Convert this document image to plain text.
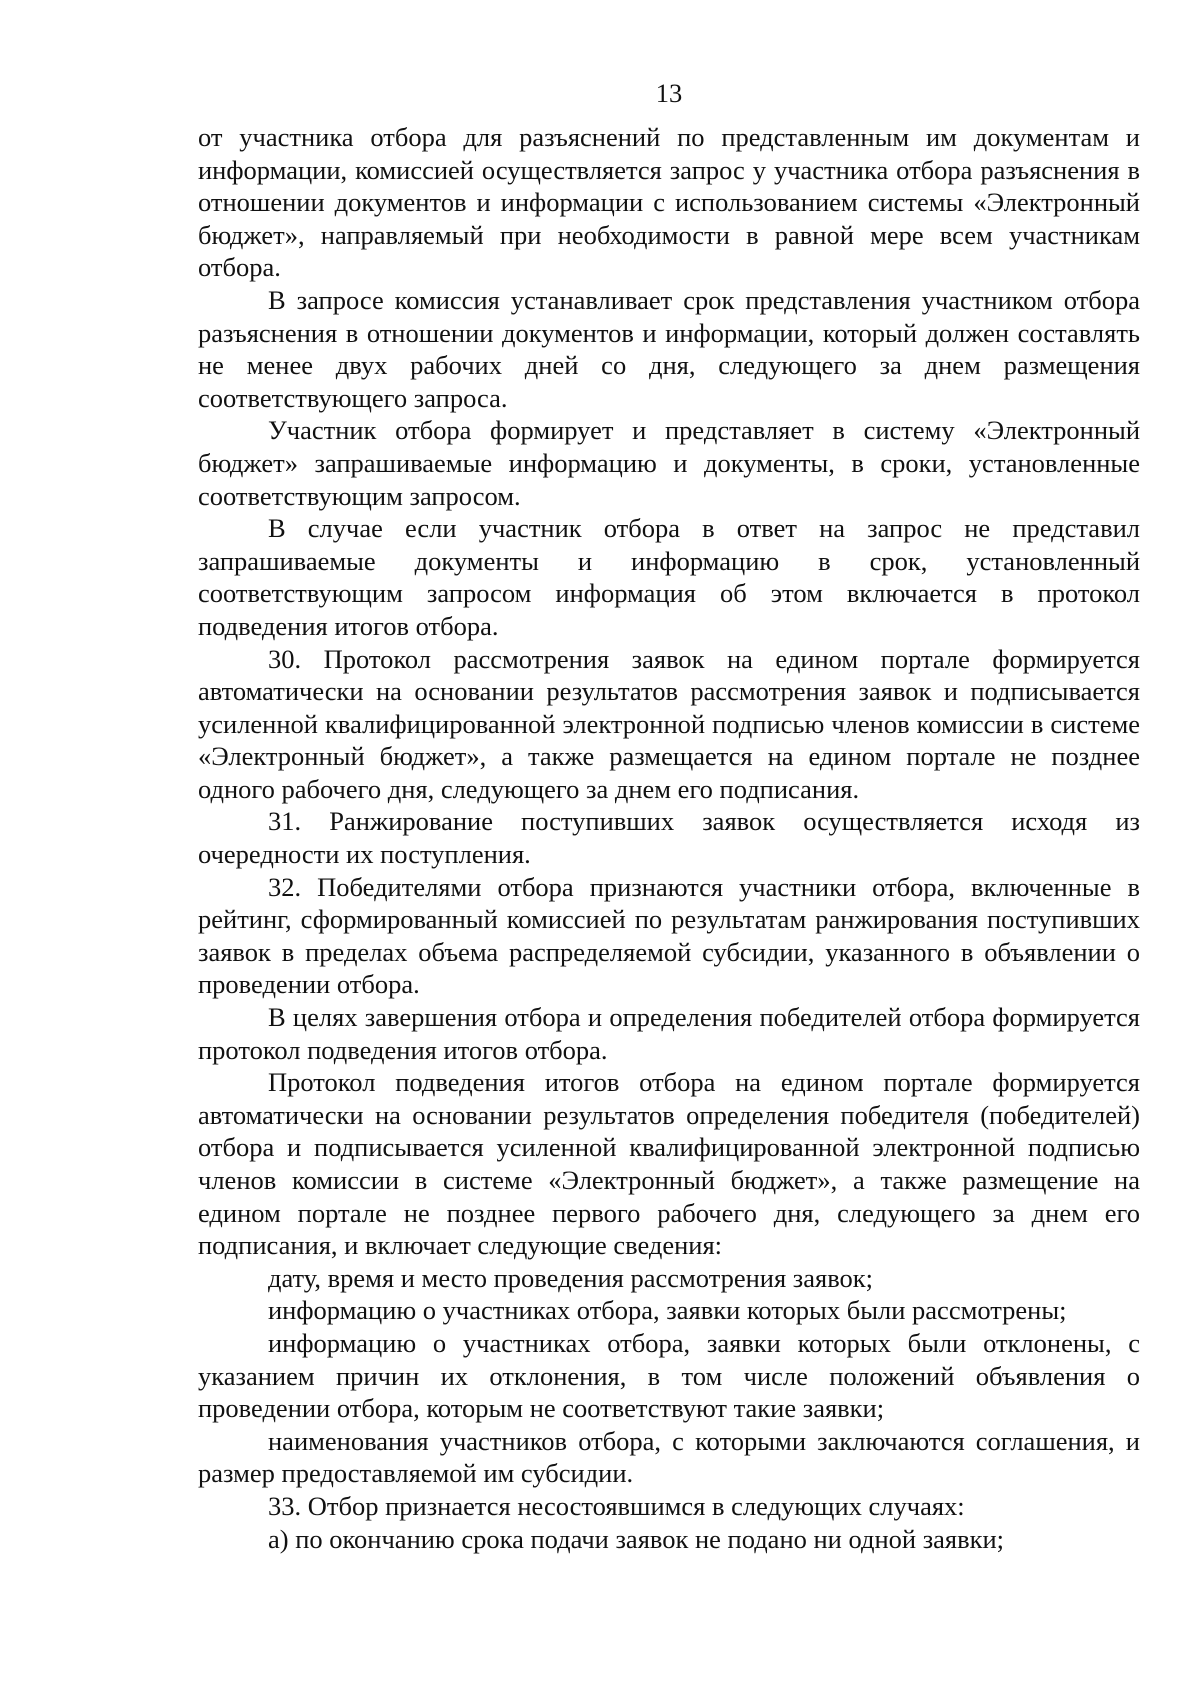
13

от участника отбора для разъяснений по представленным им документам и информации, комиссией осуществляется запрос у участника отбора разъяснения в отношении документов и информации с использованием системы «Электронный бюджет», направляемый при необходимости в равной мере всем участникам отбора.

В запросе комиссия устанавливает срок представления участником отбора разъяснения в отношении документов и информации, который должен составлять не менее двух рабочих дней со дня, следующего за днем размещения соответствующего запроса.

Участник отбора формирует и представляет в систему «Электронный бюджет» запрашиваемые информацию и документы, в сроки, установленные соответствующим запросом.

В случае если участник отбора в ответ на запрос не представил запрашиваемые документы и информацию в срок, установленный соответствующим запросом информация об этом включается в протокол подведения итогов отбора.

30. Протокол рассмотрения заявок на едином портале формируется автоматически на основании результатов рассмотрения заявок и подписывается усиленной квалифицированной электронной подписью членов комиссии в системе «Электронный бюджет», а также размещается на едином портале не позднее одного рабочего дня, следующего за днем его подписания.

31. Ранжирование поступивших заявок осуществляется исходя из очередности их поступления.

32. Победителями отбора признаются участники отбора, включенные в рейтинг, сформированный комиссией по результатам ранжирования поступивших заявок в пределах объема распределяемой субсидии, указанного в объявлении о проведении отбора.

В целях завершения отбора и определения победителей отбора формируется протокол подведения итогов отбора.

Протокол подведения итогов отбора на едином портале формируется автоматически на основании результатов определения победителя (победителей) отбора и подписывается усиленной квалифицированной электронной подписью членов комиссии в системе «Электронный бюджет», а также размещение на едином портале не позднее первого рабочего дня, следующего за днем его подписания, и включает следующие сведения:

дату, время и место проведения рассмотрения заявок;

информацию о участниках отбора, заявки которых были рассмотрены;

информацию о участниках отбора, заявки которых были отклонены, с указанием причин их отклонения, в том числе положений объявления о проведении отбора, которым не соответствуют такие заявки;

наименования участников отбора, с которыми заключаются соглашения, и размер предоставляемой им субсидии.

33. Отбор признается несостоявшимся в следующих случаях:

а) по окончанию срока подачи заявок не подано ни одной заявки;
